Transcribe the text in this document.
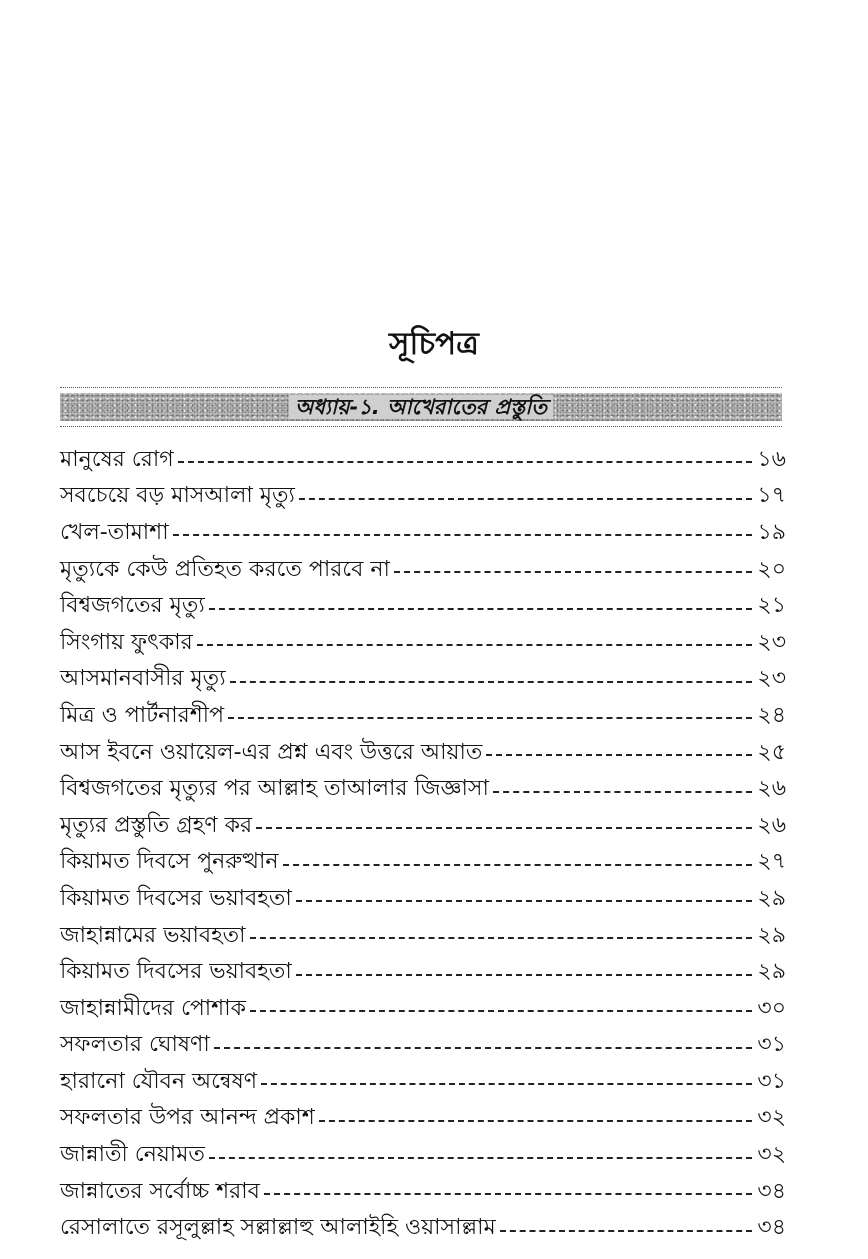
সূচিপত্র
অধ্যায়-১. আখেরাতের প্রস্তুতি
মানুষের রোগ	১৬
সবচেয়ে বড় মাসআলা মৃত্যু	১৭
খেল-তামাশা	১৯
মৃত্যুকে কেউ প্রতিহত করতে পারবে না	২০
বিশ্বজগতের মৃত্যু	২১
সিংগায় ফুৎকার	২৩
আসমানবাসীর মৃত্যু	২৩
মিত্র ও পার্টনারশীপ	২৪
আস ইবনে ওয়ায়েল-এর প্রশ্ন এবং উত্তরে আয়াত	২৫
বিশ্বজগতের মৃত্যুর পর আল্লাহ তাআলার জিজ্ঞাসা	২৬
মৃত্যুর প্রস্তুতি গ্রহণ কর	২৬
কিয়ামত দিবসে পুনরুত্থান	২৭
কিয়ামত দিবসের ভয়াবহতা	২৯
জাহান্নামের ভয়াবহতা	২৯
কিয়ামত দিবসের ভয়াবহতা	২৯
জাহান্নামীদের পোশাক	৩০
সফলতার ঘোষণা	৩১
হারানো যৌবন অন্বেষণ	৩১
সফলতার উপর আনন্দ প্রকাশ	৩২
জান্নাতী নেয়ামত	৩২
জান্নাতের সর্বোচ্চ শরাব	৩৪
রেসালাতে রসূলুল্লাহ সল্লাল্লাহু আলাইহি ওয়াসাল্লাম	৩৪
